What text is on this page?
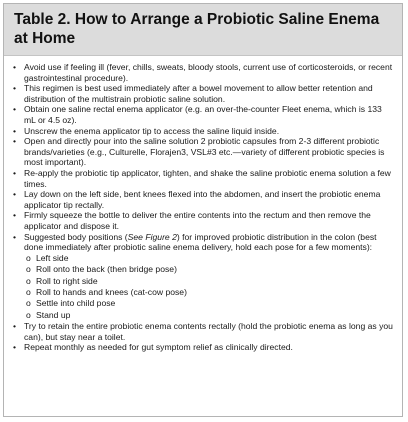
Table 2. How to Arrange a Probiotic Saline Enema at Home
• Avoid use if feeling ill (fever, chills, sweats, bloody stools, current use of corticosteroids, or recent gastrointestinal procedure).
• This regimen is best used immediately after a bowel movement to allow better retention and distribution of the multistrain probiotic saline solution.
• Obtain one saline rectal enema applicator (e.g. an over-the-counter Fleet enema, which is 133 mL or 4.5 oz).
• Unscrew the enema applicator tip to access the saline liquid inside.
• Open and directly pour into the saline solution 2 probiotic capsules from 2-3 different probiotic brands/varieties (e.g., Culturelle, Florajen3, VSL#3 etc.—variety of different probiotic species is most important).
• Re-apply the probiotic tip applicator, tighten, and shake the saline probiotic enema solution a few times.
• Lay down on the left side, bent knees flexed into the abdomen, and insert the probiotic enema applicator tip rectally.
• Firmly squeeze the bottle to deliver the entire contents into the rectum and then remove the applicator and dispose it.
• Suggested body positions (See Figure 2) for improved probiotic distribution in the colon (best done immediately after probiotic saline enema delivery, hold each pose for a few moments):
o Left side
o Roll onto the back (then bridge pose)
o Roll to right side
o Roll to hands and knees (cat-cow pose)
o Settle into child pose
o Stand up
• Try to retain the entire probiotic enema contents rectally (hold the probiotic enema as long as you can), but stay near a toilet.
• Repeat monthly as needed for gut symptom relief as clinically directed.
